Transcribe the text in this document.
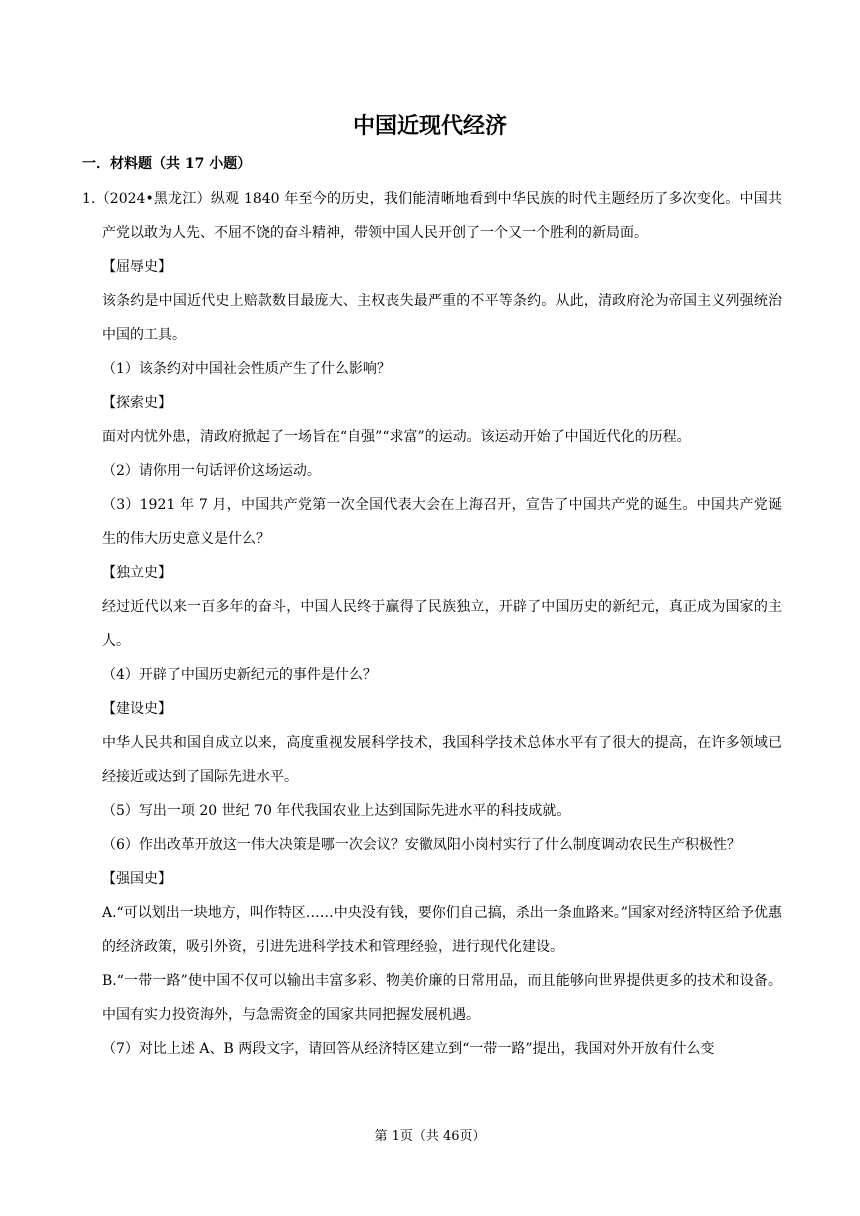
中国近现代经济
一．材料题（共 17 小题）

1.（2024•黑龙江）纵观 1840 年至今的历史，我们能清晰地看到中华民族的时代主题经历了多次变化。中国共产党以敢为人先、不屈不饶的奋斗精神，带领中国人民开创了一个又一个胜利的新局面。

【屈辱史】

该条约是中国近代史上赔款数目最庞大、主权丧失最严重的不平等条约。从此，清政府沦为帝国主义列强统治中国的工具。

（1）该条约对中国社会性质产生了什么影响？

【探索史】

面对内忧外患，清政府掀起了一场旨在“自强”“求富”的运动。该运动开始了中国近代化的历程。

（2）请你用一句话评价这场运动。

（3）1921 年 7 月，中国共产党第一次全国代表大会在上海召开，宣告了中国共产党的诞生。中国共产党诞生的伟大历史意义是什么？

【独立史】

经过近代以来一百多年的奋斗，中国人民终于赢得了民族独立，开辟了中国历史的新纪元，真正成为国家的主人。

（4）开辟了中国历史新纪元的事件是什么？

【建设史】

中华人民共和国自成立以来，高度重视发展科学技术，我国科学技术总体水平有了很大的提高，在许多领域已经接近或达到了国际先进水平。

（5）写出一项 20 世纪 70 年代我国农业上达到国际先进水平的科技成就。

（6）作出改革开放这一伟大决策是哪一次会议？安徽凤阳小岗村实行了什么制度调动农民生产积极性？

【强国史】

A.“可以划出一块地方，叫作特区……中央没有钱，要你们自己搞，杀出一条血路来。”国家对经济特区给予优惠的经济政策，吸引外资，引进先进科学技术和管理经验，进行现代化建设。

B.“一带一路”使中国不仅可以输出丰富多彩、物美价廉的日常用品，而且能够向世界提供更多的技术和设备。中国有实力投资海外，与急需资金的国家共同把握发展机遇。

（7）对比上述 A、B 两段文字，请回答从经济特区建立到“一带一路”提出，我国对外开放有什么变

第 1页（共 46页）
